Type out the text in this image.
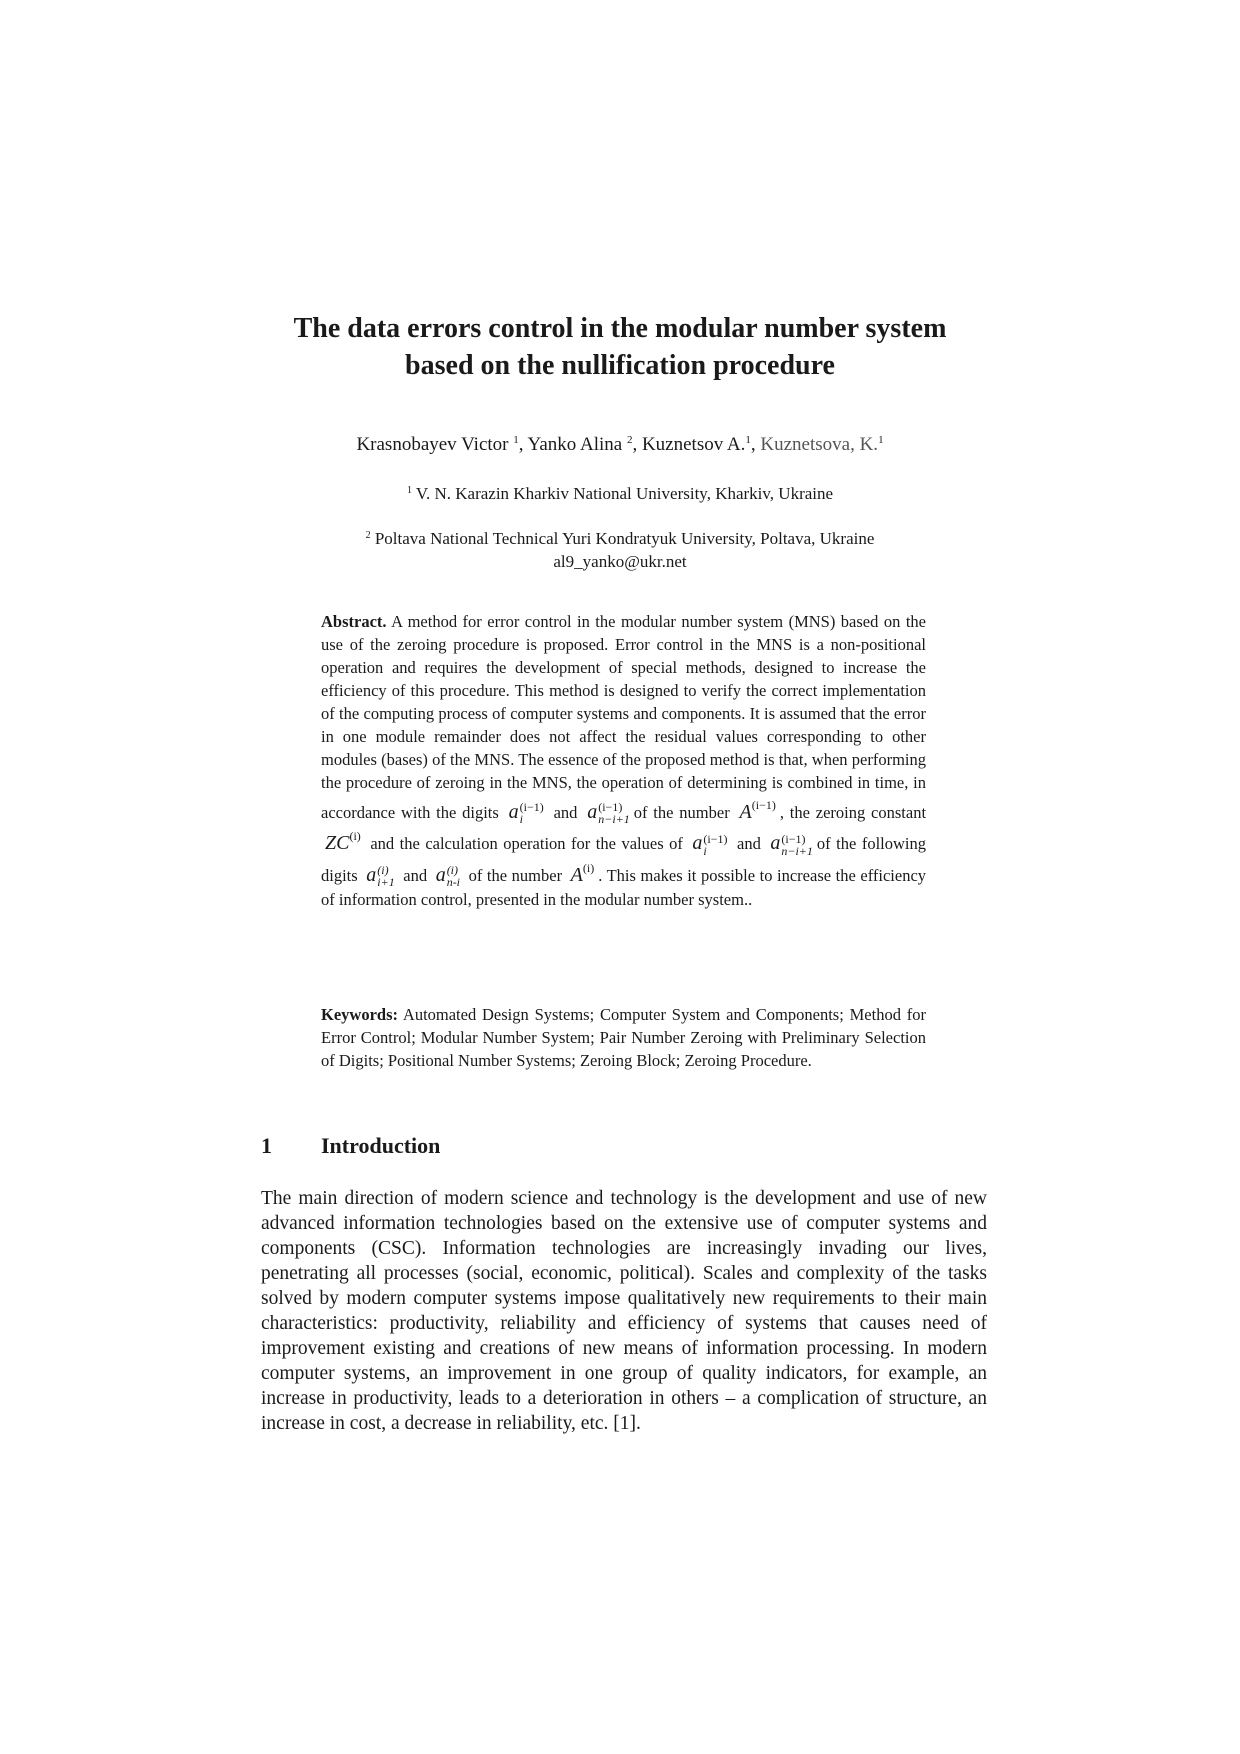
The data errors control in the modular number system
based on the nullification procedure
Krasnobayev Victor $^1$, Yanko Alina $^2$, Kuznetsov A.$^1$, Kuznetsova, K.$^1$
$^1$ V. N. Karazin Kharkiv National University, Kharkiv, Ukraine
$^2$ Poltava National Technical Yuri Kondratyuk University, Poltava, Ukraine
al9_yanko@ukr.net

Abstract. A method for error control in the modular number system (MNS) based on the use of the zeroing procedure is proposed. Error control in the MNS is a non-positional operation and requires the development of special methods, designed to increase the efficiency of this procedure. This method is designed to verify the correct implementation of the computing process of computer systems and components. It is assumed that the error in one module remainder does not affect the residual values corresponding to other modules (bases) of the MNS. The essence of the proposed method is that, when performing the procedure of zeroing in the MNS, the operation of determining is combined in time, in accordance with the digits a (i−1)
i	and a (i−1)
n−i+1 of the number $A^{(i-1)}$ , the zeroing constant ZC$^{(i)}$ and the calculation operation for the values of a (i−1)
i	and a (i−1)
n−i+1 of the following digits a (i)
i+1 and a (i)
n-i of the number $A^{(i)}$ . This makes it possible to increase the efficiency of information control, presented in the modular number system..

Keywords: Automated Design Systems; Computer System and Components; Method for Error Control; Modular Number System; Pair Number Zeroing with Preliminary Selection of Digits; Positional Number Systems; Zeroing Block; Zeroing Procedure.

1 Introduction

The main direction of modern science and technology is the development and use of new advanced information technologies based on the extensive use of computer systems and components (CSC). Information technologies are increasingly invading our lives, penetrating all processes (social, economic, political). Scales and complexity of the tasks solved by modern computer systems impose qualitatively new requirements to their main characteristics: productivity, reliability and efficiency of systems that causes need of improvement existing and creations of new means of information processing. In modern computer systems, an improvement in one group of quality indicators, for example, an increase in productivity, leads to a deterioration in others – a complication of structure, an increase in cost, a decrease in reliability, etc. [1].
